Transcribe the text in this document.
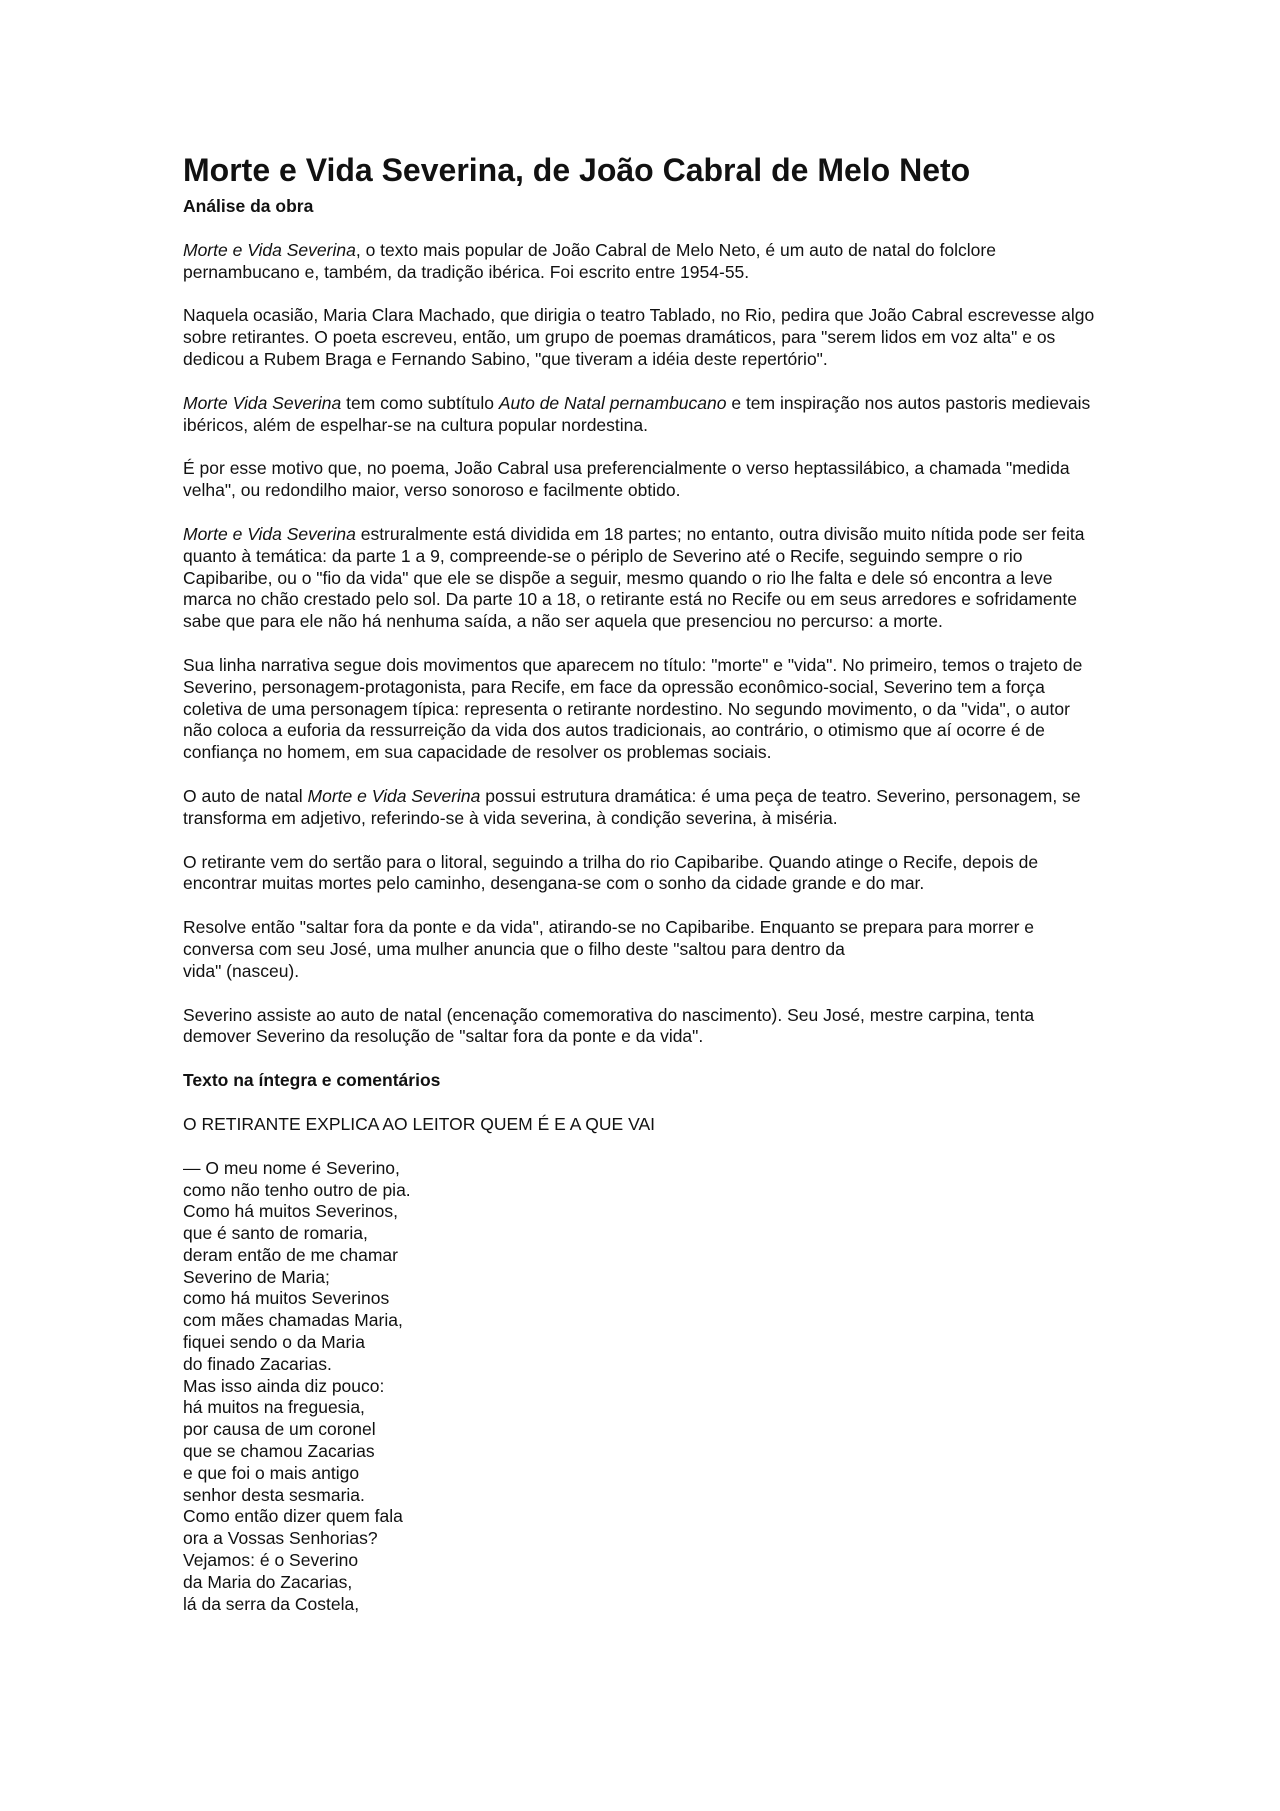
Morte e Vida Severina, de João Cabral de Melo Neto
Análise da obra

Morte e Vida Severina, o texto mais popular de João Cabral de Melo Neto, é um auto de natal do folclore pernambucano e, também, da tradição ibérica. Foi escrito entre 1954-55.

Naquela ocasião, Maria Clara Machado, que dirigia o teatro Tablado, no Rio, pedira que João Cabral escrevesse algo sobre retirantes. O poeta escreveu, então, um grupo de poemas dramáticos, para "serem lidos em voz alta" e os dedicou a Rubem Braga e Fernando Sabino, "que tiveram a idéia deste repertório".

Morte Vida Severina tem como subtítulo Auto de Natal pernambucano e tem inspiração nos autos pastoris medievais ibéricos, além de espelhar-se na cultura popular nordestina.

É por esse motivo que, no poema, João Cabral usa preferencialmente o verso heptassilábico, a chamada "medida velha", ou redondilho maior, verso sonoroso e facilmente obtido.

Morte e Vida Severina estruralmente está dividida em 18 partes; no entanto, outra divisão muito nítida pode ser feita quanto à temática: da parte 1 a 9, compreende-se o périplo de Severino até o Recife, seguindo sempre o rio Capibaribe, ou o "fio da vida" que ele se dispõe a seguir, mesmo quando o rio lhe falta e dele só encontra a leve marca no chão crestado pelo sol. Da parte 10 a 18, o retirante está no Recife ou em seus arredores e sofridamente sabe que para ele não há nenhuma saída, a não ser aquela que presenciou no percurso: a morte.

Sua linha narrativa segue dois movimentos que aparecem no título: "morte" e "vida". No primeiro, temos o trajeto de Severino, personagem-protagonista, para Recife, em face da opressão econômico-social, Severino tem a força coletiva de uma personagem típica: representa o retirante nordestino. No segundo movimento, o da "vida", o autor não coloca a euforia da ressurreição da vida dos autos tradicionais, ao contrário, o otimismo que aí ocorre é de confiança no homem, em sua capacidade de resolver os problemas sociais.

O auto de natal Morte e Vida Severina possui estrutura dramática: é uma peça de teatro. Severino, personagem, se transforma em adjetivo, referindo-se à vida severina, à condição severina, à miséria.

O retirante vem do sertão para o litoral, seguindo a trilha do rio Capibaribe. Quando atinge o Recife, depois de encontrar muitas mortes pelo caminho, desengana-se com o sonho da cidade grande e do mar.

Resolve então "saltar fora da ponte e da vida", atirando-se no Capibaribe. Enquanto se prepara para morrer e conversa com seu José, uma mulher anuncia que o filho deste "saltou para dentro da
vida" (nasceu).

Severino assiste ao auto de natal (encenação comemorativa do nascimento). Seu José, mestre carpina, tenta demover Severino da resolução de "saltar fora da ponte e da vida".

Texto na íntegra e comentários
O RETIRANTE EXPLICA AO LEITOR QUEM É E A QUE VAI
— O meu nome é Severino,
como não tenho outro de pia.
Como há muitos Severinos,
que é santo de romaria,
deram então de me chamar
Severino de Maria;
como há muitos Severinos
com mães chamadas Maria,
fiquei sendo o da Maria
do finado Zacarias.
Mas isso ainda diz pouco:
há muitos na freguesia,
por causa de um coronel
que se chamou Zacarias
e que foi o mais antigo
senhor desta sesmaria.
Como então dizer quem fala
ora a Vossas Senhorias?
Vejamos: é o Severino
da Maria do Zacarias,
lá da serra da Costela,
